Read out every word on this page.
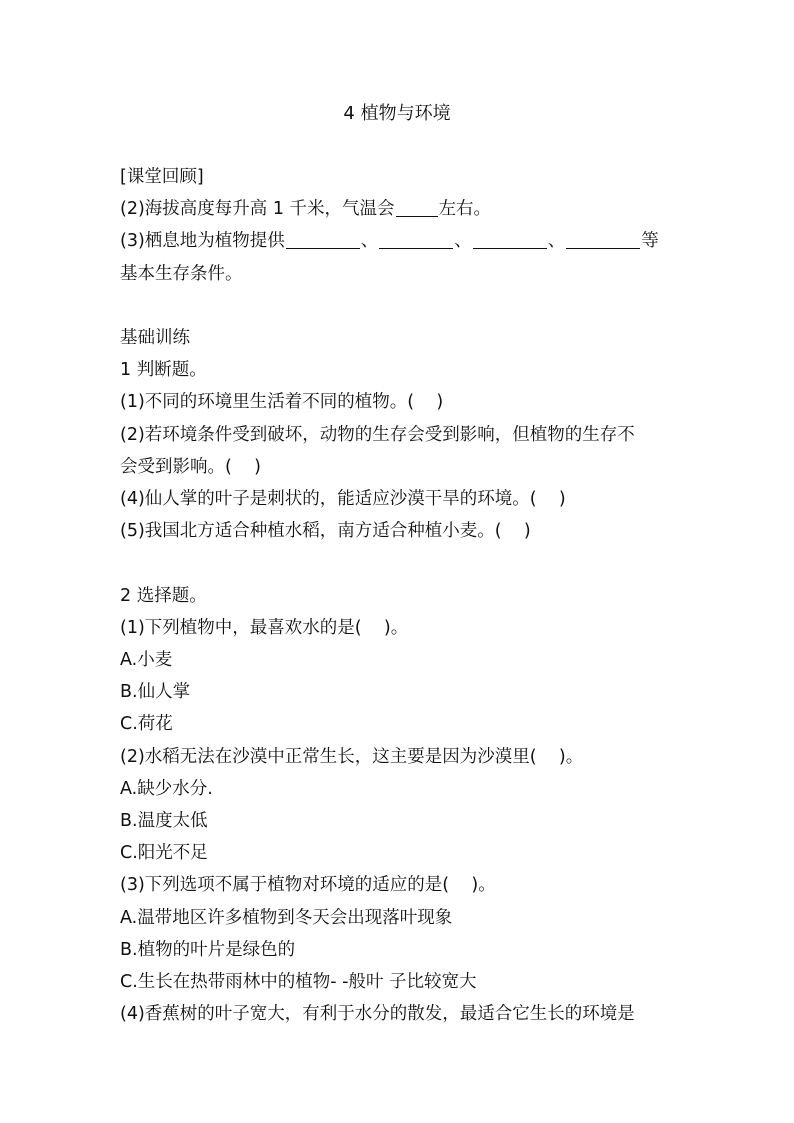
4 植物与环境
[课堂回顾]
(2)海拔高度每升高 1 千米，气温会	左右。
(3)栖息地为植物提供	、	、	、	等
基本生存条件。
基础训练
1 判断题。
(1)不同的环境里生活着不同的植物。( )
(2)若环境条件受到破坏，动物的生存会受到影响，但植物的生存不
会受到影响。( )
(4)仙人掌的叶子是刺状的，能适应沙漠干旱的环境。( )
(5)我国北方适合种植水稻，南方适合种植小麦。( )
2 选择题。
(1)下列植物中，最喜欢水的是( )。
A.小麦
B.仙人掌
C.荷花
(2)水稻无法在沙漠中正常生长，这主要是因为沙漠里( )。
A.缺少水分.
B.温度太低
C.阳光不足
(3)下列选项不属于植物对环境的适应的是( )。
A.温带地区许多植物到冬天会出现落叶现象
B.植物的叶片是绿色的
C.生长在热带雨林中的植物- -般叶 子比较宽大
(4)香蕉树的叶子宽大，有利于水分的散发，最适合它生长的环境是
